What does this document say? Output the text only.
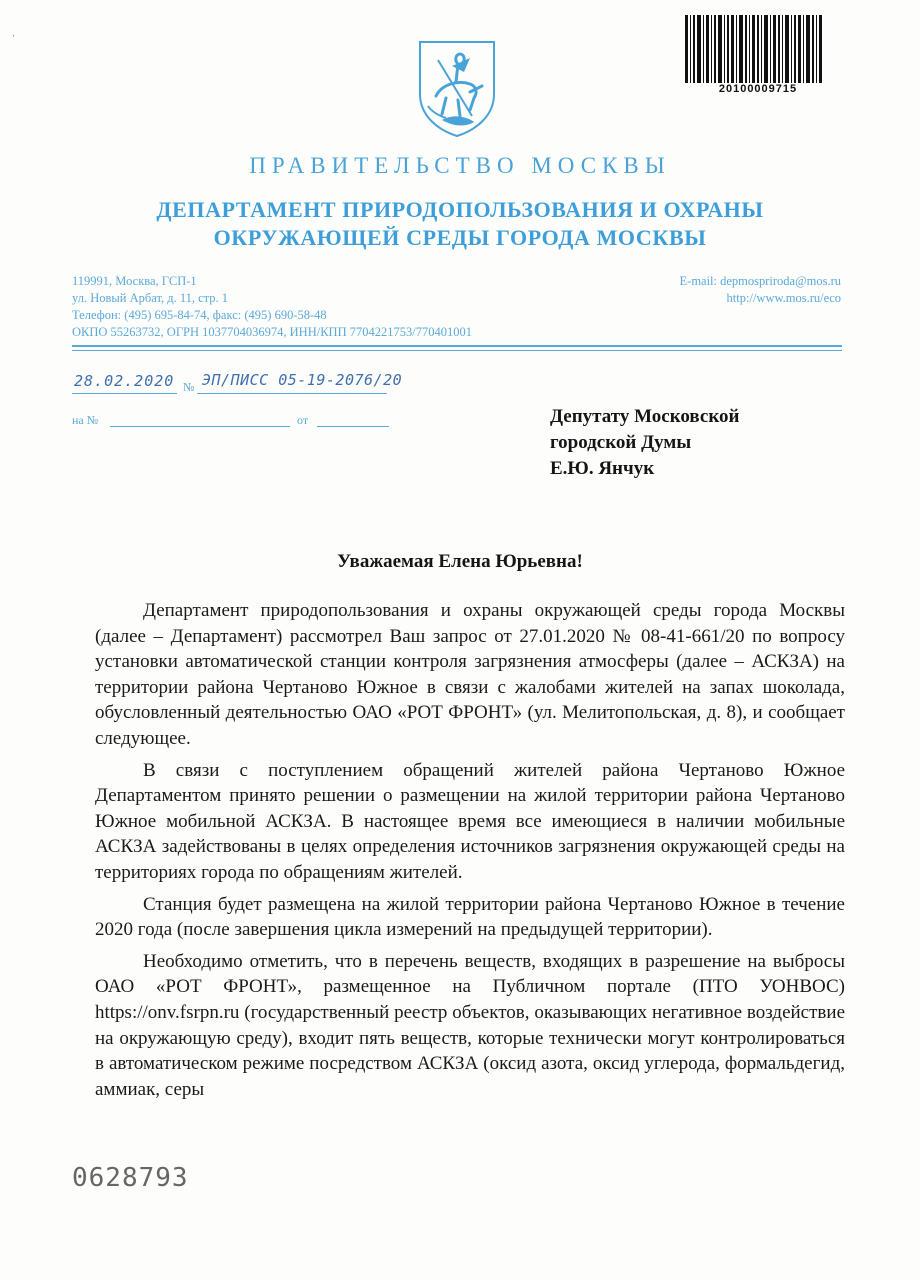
ˌ
20100009715
ПРАВИТЕЛЬСТВО МОСКВЫ
ДЕПАРТАМЕНТ ПРИРОДОПОЛЬЗОВАНИЯ И ОХРАНЫ
ОКРУЖАЮЩЕЙ СРЕДЫ ГОРОДА МОСКВЫ
119991, Москва, ГСП-1
ул. Новый Арбат, д. 11, стр. 1
Телефон: (495) 695-84-74, факс: (495) 690-58-48
ОКПО 55263732, ОГРН 1037704036974, ИНН/КПП 7704221753/770401001
E-mail: depmospriroda@mos.ru
http://www.mos.ru/eco
28.02.2020 № ЭП/ПИСС 05-19-2076/20
на №	от	Депутату Московской
городской Думы
Е.Ю. Янчук
Уважаемая Елена Юрьевна!

Департамент природопользования и охраны окружающей среды города Москвы (далее – Департамент) рассмотрел Ваш запрос от 27.01.2020 № 08-41-661/20 по вопросу установки автоматической станции контроля загрязнения атмосферы (далее – АСКЗА) на территории района Чертаново Южное в связи с жалобами жителей на запах шоколада, обусловленный деятельностью ОАО «РОТ ФРОНТ» (ул. Мелитопольская, д. 8), и сообщает следующее.

В связи с поступлением обращений жителей района Чертаново Южное Департаментом принято решении о размещении на жилой территории района Чертаново Южное мобильной АСКЗА. В настоящее время все имеющиеся в наличии мобильные АСКЗА задействованы в целях определения источников загрязнения окружающей среды на территориях города по обращениям жителей.

Станция будет размещена на жилой территории района Чертаново Южное в течение 2020 года (после завершения цикла измерений на предыдущей территории).

Необходимо отметить, что в перечень веществ, входящих в разрешение на выбросы ОАО «РОТ ФРОНТ», размещенное на Публичном портале (ПТО УОНВОС) https://onv.fsrpn.ru (государственный реестр объектов, оказывающих негативное воздействие на окружающую среду), входит пять веществ, которые технически могут контролироваться в автоматическом режиме посредством АСКЗА (оксид азота, оксид углерода, формальдегид, аммиак, серы

0628793
